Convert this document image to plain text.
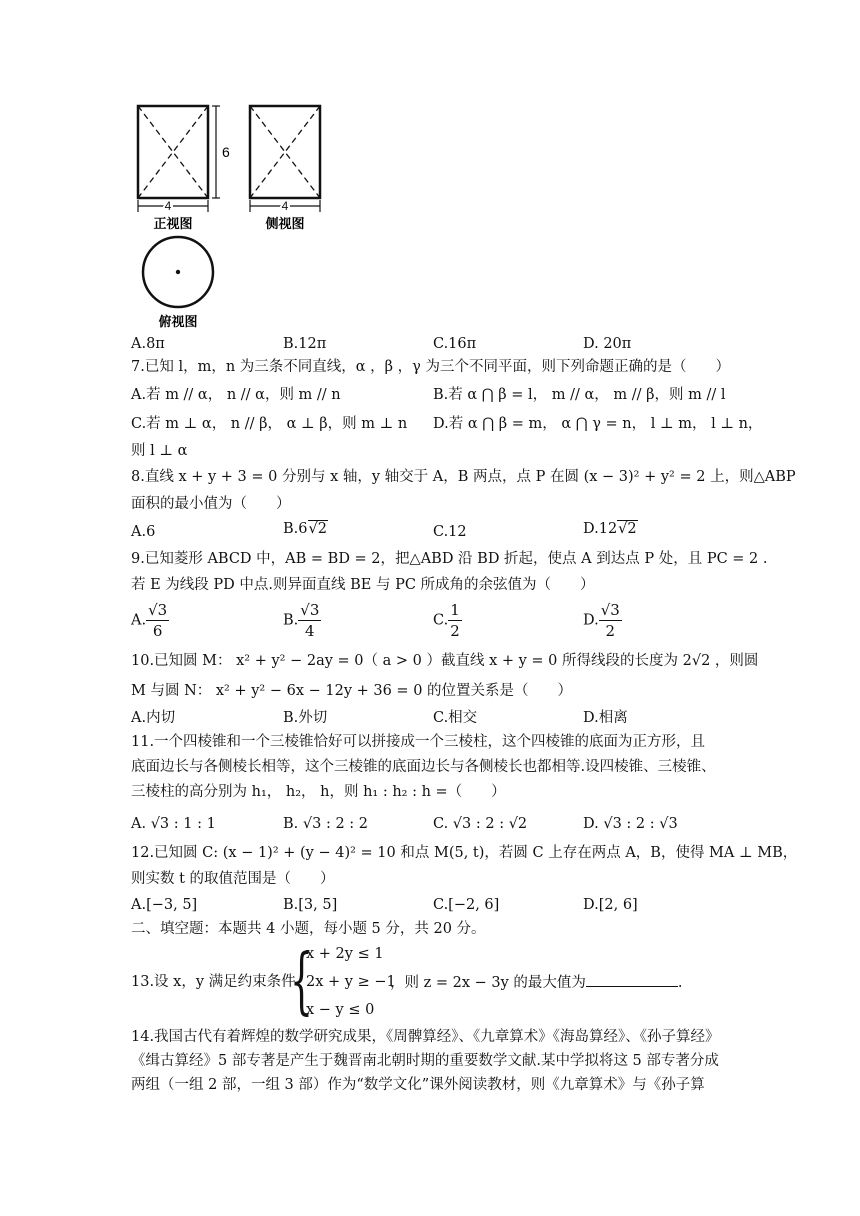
6
4	4
正视图	侧视图
俯视图
A.8π	B.12π	C.16π	D. 20π
7.已知 l，m，n 为三条不同直线，α ，β ，γ 为三个不同平面，则下列命题正确的是（　　）
A.若 m // α， n // α，则 m // n	B.若 α ⋂ β = l， m // α， m // β，则 m // l
C.若 m ⊥ α， n // β， α ⊥ β，则 m ⊥ n D.若 α ⋂ β = m， α ⋂ γ = n， l ⊥ m， l ⊥ n，
则 l ⊥ α
8.直线 x + y + 3 = 0 分别与 x 轴，y 轴交于 A，B 两点，点 P 在圆 (x − 3)² + y² = 2 上，则△ABP
面积的最小值为（　　）
A.6	B.6√2	C.12	D.12√2
9.已知菱形 ABCD 中，AB = BD = 2，把△ABD 沿 BD 折起，使点 A 到达点 P 处，且 PC = 2 .
若 E 为线段 PD 中点.则异面直线 BE 与 PC 所成角的余弦值为（　　）
A. $\frac{√3}{6}$	B. $\frac{√3}{4}$	C. $\frac{1}{2}$	D. $\frac{√3}{2}$
10.已知圆 M： x² + y² − 2ay = 0（ a > 0 ）截直线 x + y = 0 所得线段的长度为 2√2 ，则圆
M 与圆 N： x² + y² − 6x − 12y + 36 = 0 的位置关系是（　　）
A.内切	B.外切	C.相交	D.相离
11.一个四棱锥和一个三棱锥恰好可以拼接成一个三棱柱，这个四棱锥的底面为正方形，且
底面边长与各侧棱长相等，这个三棱锥的底面边长与各侧棱长也都相等.设四棱锥、三棱锥、
三棱柱的高分别为 h₁， h₂， h，则 h₁ : h₂ : h =（　　）
A. √3 : 1 : 1	B. √3 : 2 : 2	C. √3 : 2 : √2	D. √3 : 2 : √3
12.已知圆 C: (x − 1)² + (y − 4)² = 10 和点 M(5, t)，若圆 C 上存在两点 A，B，使得 MA ⊥ MB，
则实数 t 的取值范围是（　　）
A.[−3, 5]	B.[3, 5]	C.[−2, 6]	D.[2, 6]
二、填空题：本题共 4 小题，每小题 5 分，共 20 分。
13.设 x，y 满足约束条件
{
x + 2y ≤ 1
2x + y ≥ −1
x − y ≤ 0
，则 z = 2x − 3y 的最大值为	.
14.我国古代有着辉煌的数学研究成果，《周髀算经》、《九章算术》《海岛算经》、《孙子算经》
《缉古算经》5 部专著是产生于魏晋南北朝时期的重要数学文献.某中学拟将这 5 部专著分成
两组（一组 2 部，一组 3 部）作为“数学文化”课外阅读教材，则《九章算术》与《孙子算
